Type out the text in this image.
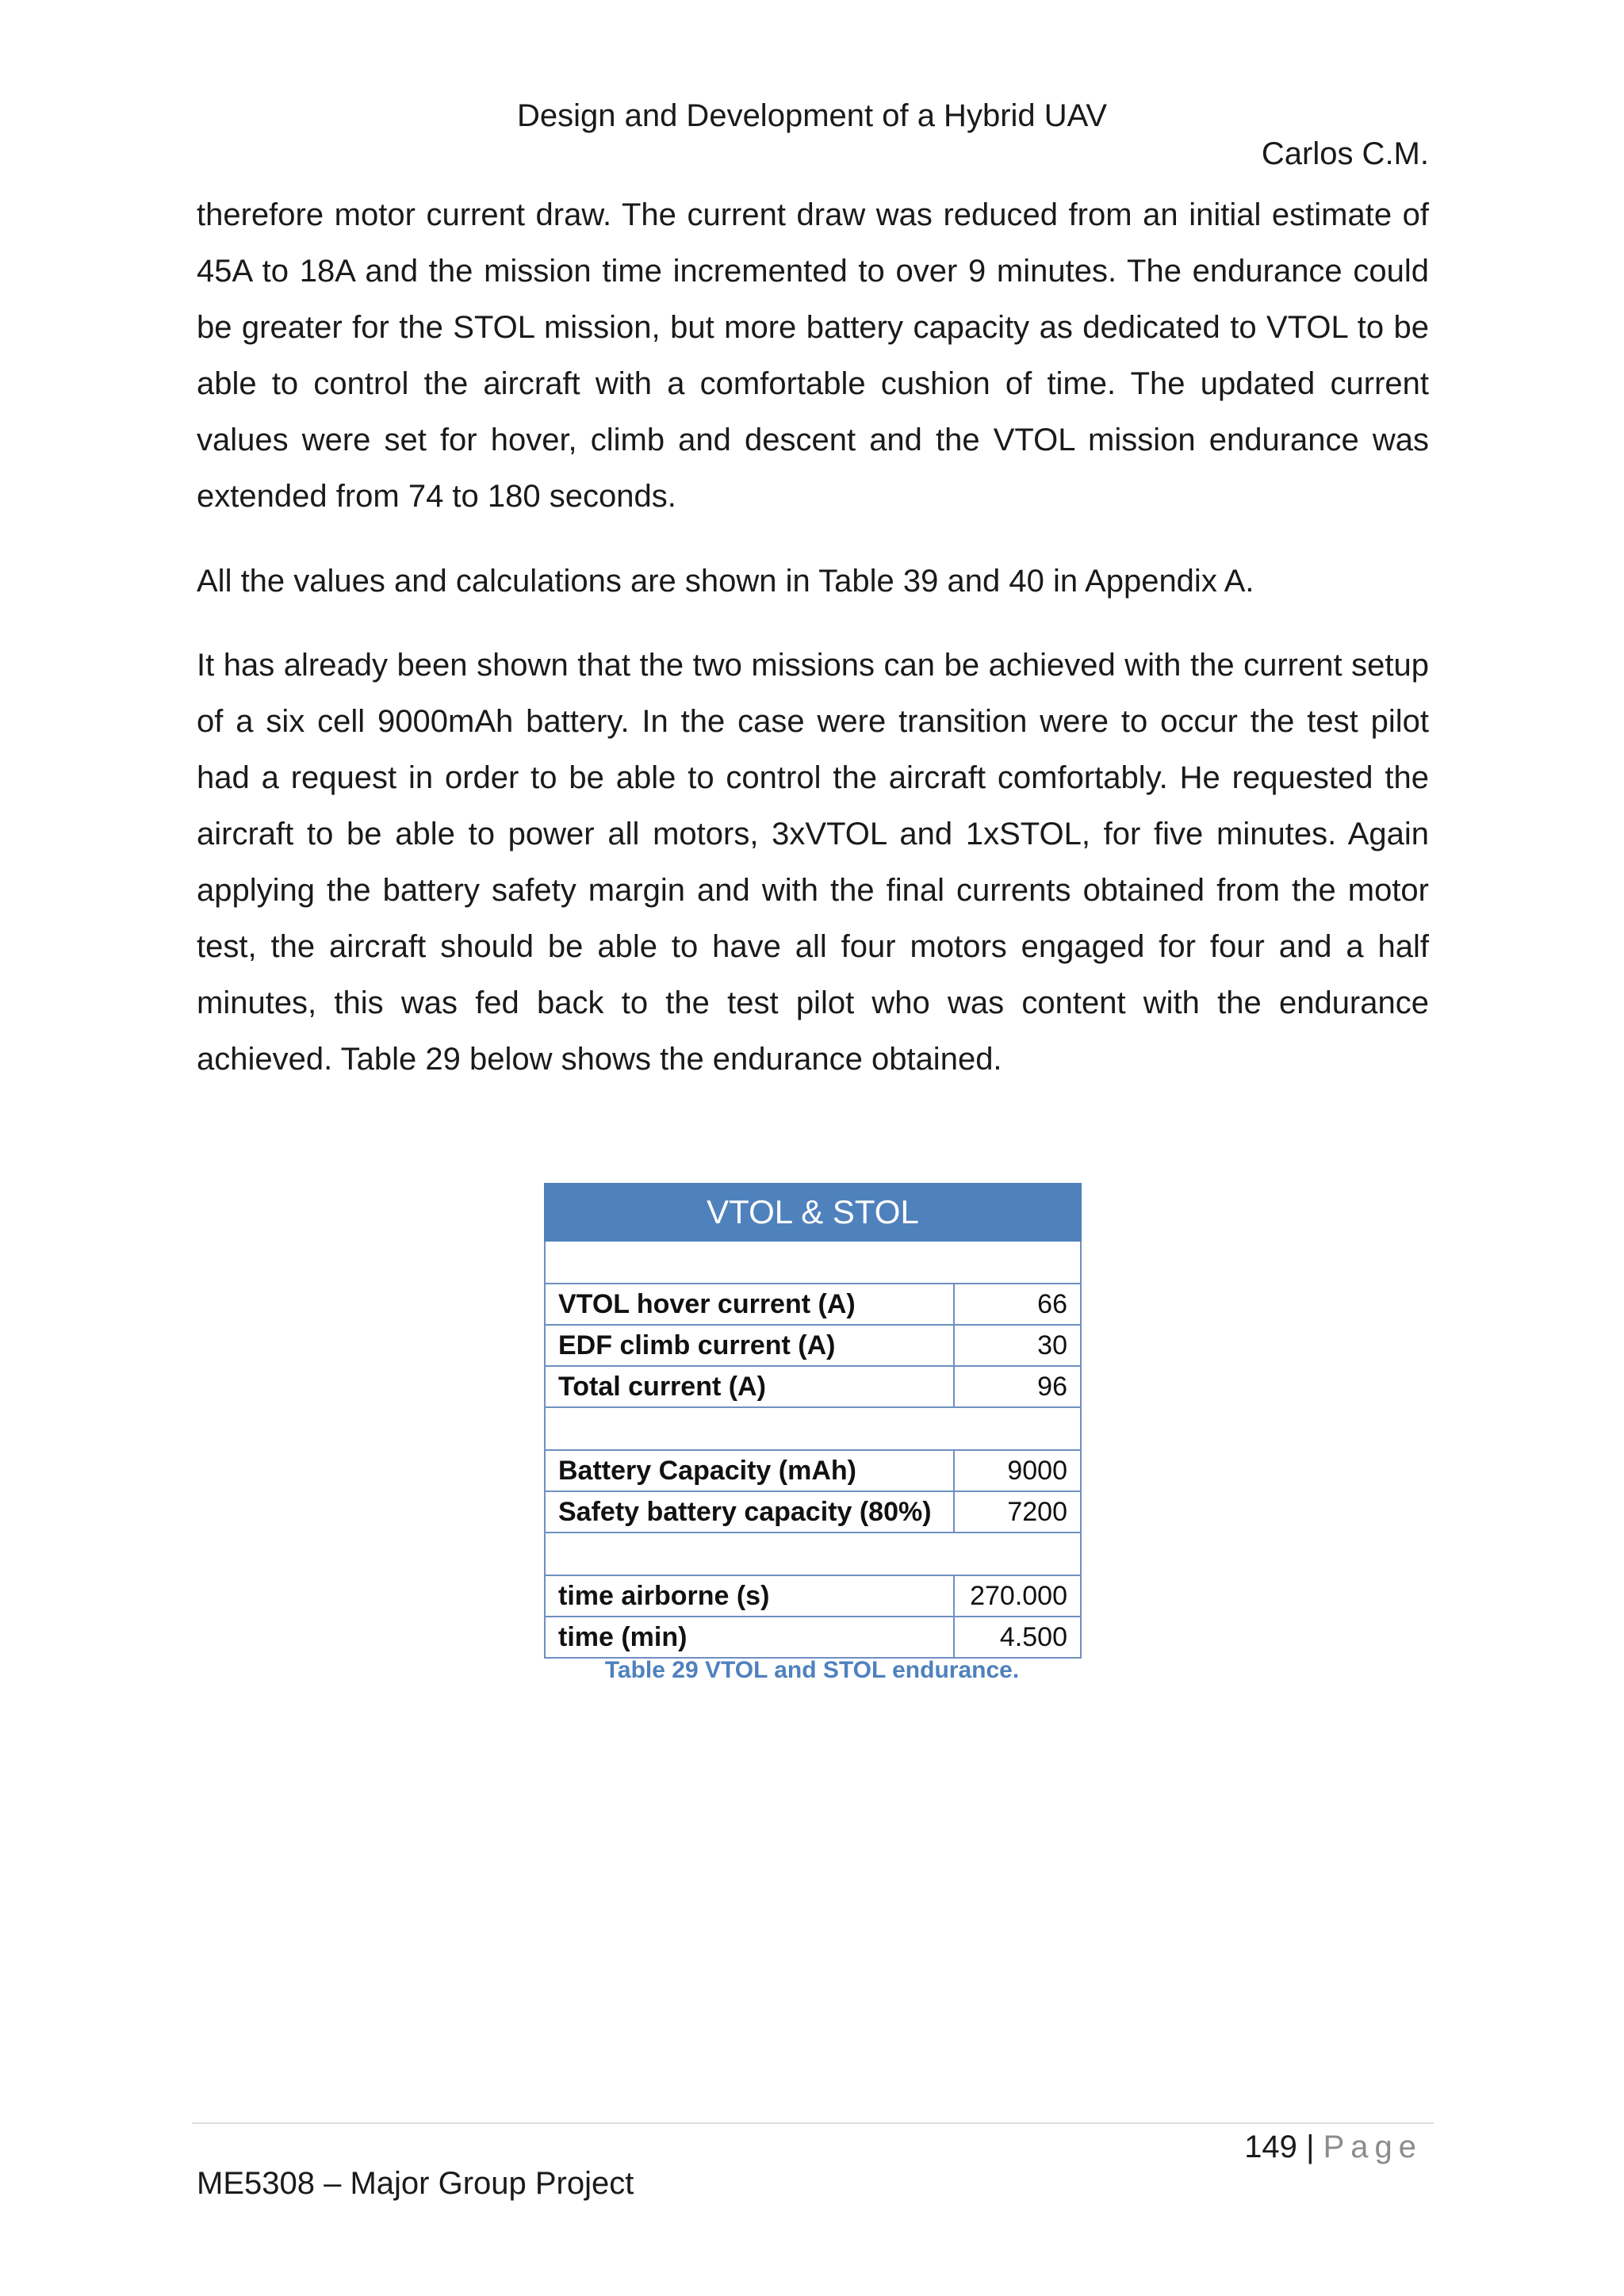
Design and Development of a Hybrid UAV
Carlos C.M.

therefore motor current draw. The current draw was reduced from an initial estimate of 45A to 18A and the mission time incremented to over 9 minutes. The endurance could be greater for the STOL mission, but more battery capacity as dedicated to VTOL to be able to control the aircraft with a comfortable cushion of time. The updated current values were set for hover, climb and descent and the VTOL mission endurance was extended from 74 to 180 seconds.

All the values and calculations are shown in Table 39 and 40 in Appendix A.

It has already been shown that the two missions can be achieved with the current setup of a six cell 9000mAh battery. In the case were transition were to occur the test pilot had a request in order to be able to control the aircraft comfortably. He requested the aircraft to be able to power all motors, 3xVTOL and 1xSTOL, for five minutes. Again applying the battery safety margin and with the final currents obtained from the motor test, the aircraft should be able to have all four motors engaged for four and a half minutes, this was fed back to the test pilot who was content with the endurance achieved. Table 29 below shows the endurance obtained.

VTOL & STOL	

VTOL hover current (A)	66
EDF climb current (A)	30
Total current (A)	96

Battery Capacity (mAh)	9000
Safety battery capacity (80%)	7200

time airborne (s)	270.000
time (min)	4.500
Table 29 VTOL and STOL endurance.
149 | Page
ME5308 – Major Group Project
